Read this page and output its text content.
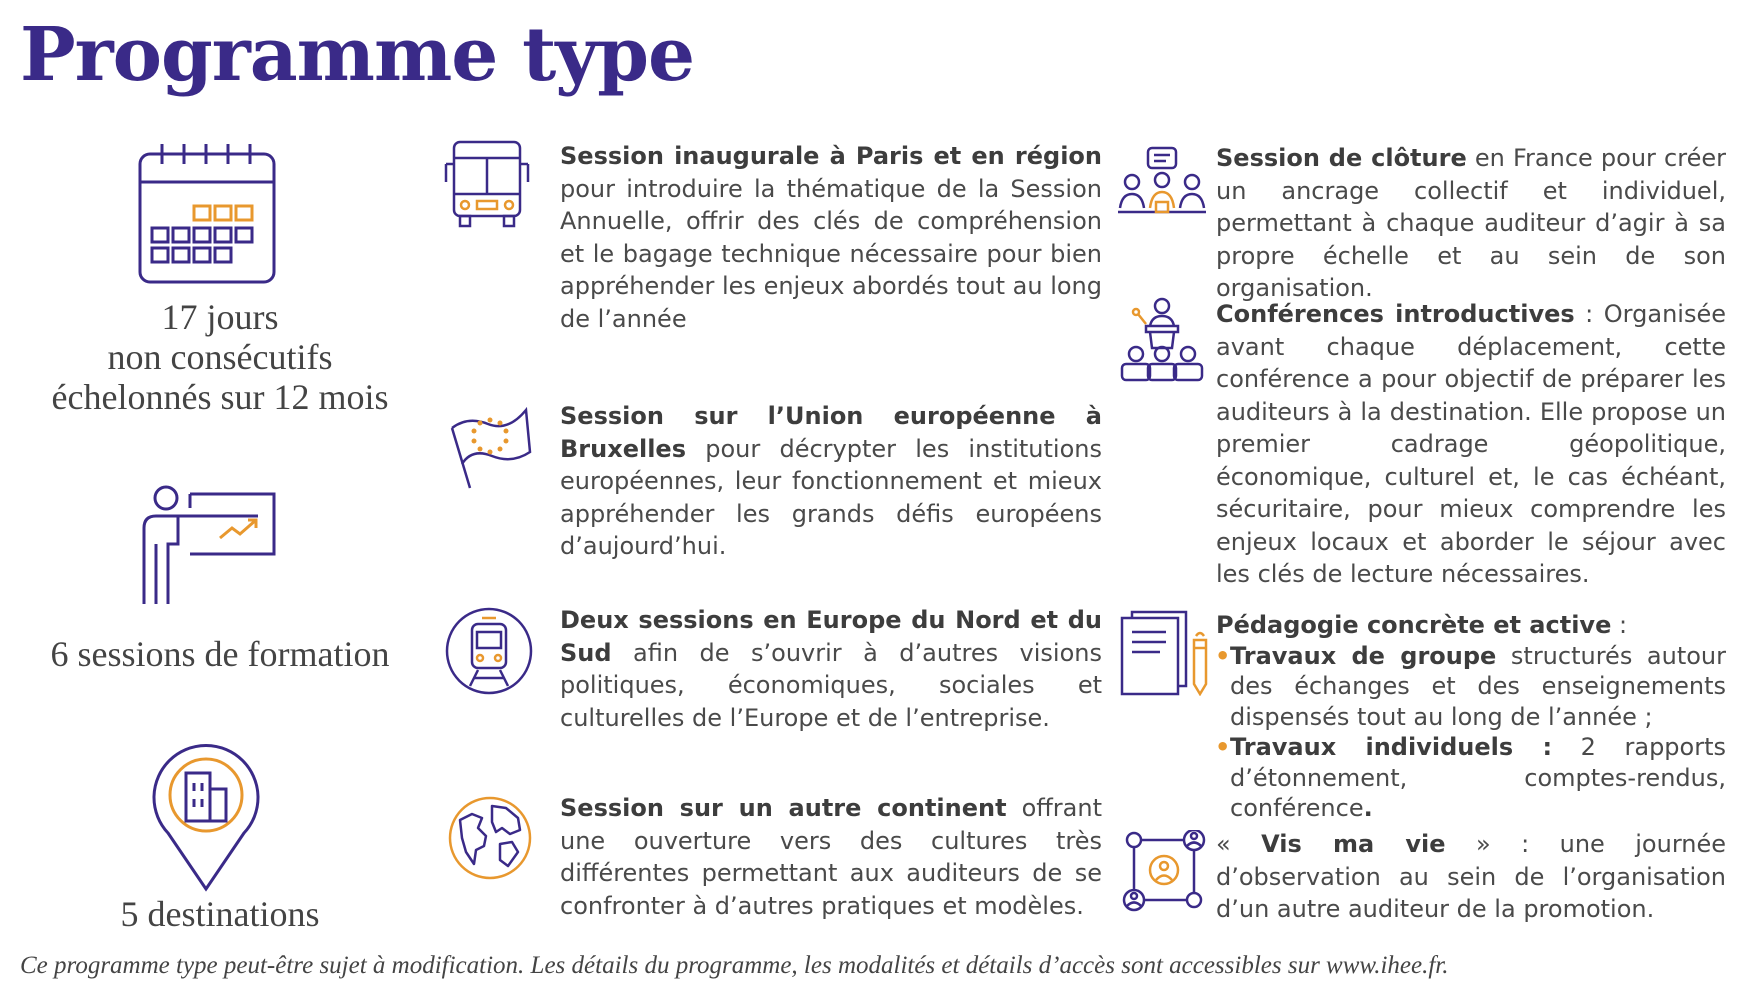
Programme type
17 jours
non consécutifs
échelonnés sur 12 mois
6 sessions de formation
5 destinations
Session inaugurale à Paris et en région pour introduire la thématique de la Session Annuelle, offrir des clés de compréhension et le bagage technique nécessaire pour bien appréhender les enjeux abordés tout au long de l’année
Session sur l’Union européenne à Bruxelles pour décrypter les institutions européennes, leur fonctionnement et mieux appréhender les grands défis européens d’aujourd’hui.
Deux sessions en Europe du Nord et du Sud afin de s’ouvrir à d’autres visions politiques, économiques, sociales et culturelles de l’Europe et de l’entreprise.
Session sur un autre continent offrant une ouverture vers des cultures très différentes permettant aux auditeurs de se confronter à d’autres pratiques et modèles.
Session de clôture en France pour créer un ancrage collectif et individuel, permettant à chaque auditeur d’agir à sa propre échelle et au sein de son organisation.
Conférences introductives : Organisée avant chaque déplacement, cette conférence a pour objectif de préparer les auditeurs à la destination. Elle propose un premier cadrage géopolitique, économique, culturel et, le cas échéant, sécuritaire, pour mieux comprendre les enjeux locaux et aborder le séjour avec les clés de lecture nécessaires.
Pédagogie concrète et active :
• Travaux de groupe structurés autour des échanges et des enseignements dispensés tout au long de l’année ;
• Travaux individuels : 2 rapports d’étonnement, comptes-rendus, conférence.
« Vis ma vie » : une journée d’observation au sein de l’organisation d’un autre auditeur de la promotion.
Ce programme type peut-être sujet à modification. Les détails du programme, les modalités et détails d’accès sont accessibles sur www.ihee.fr.
